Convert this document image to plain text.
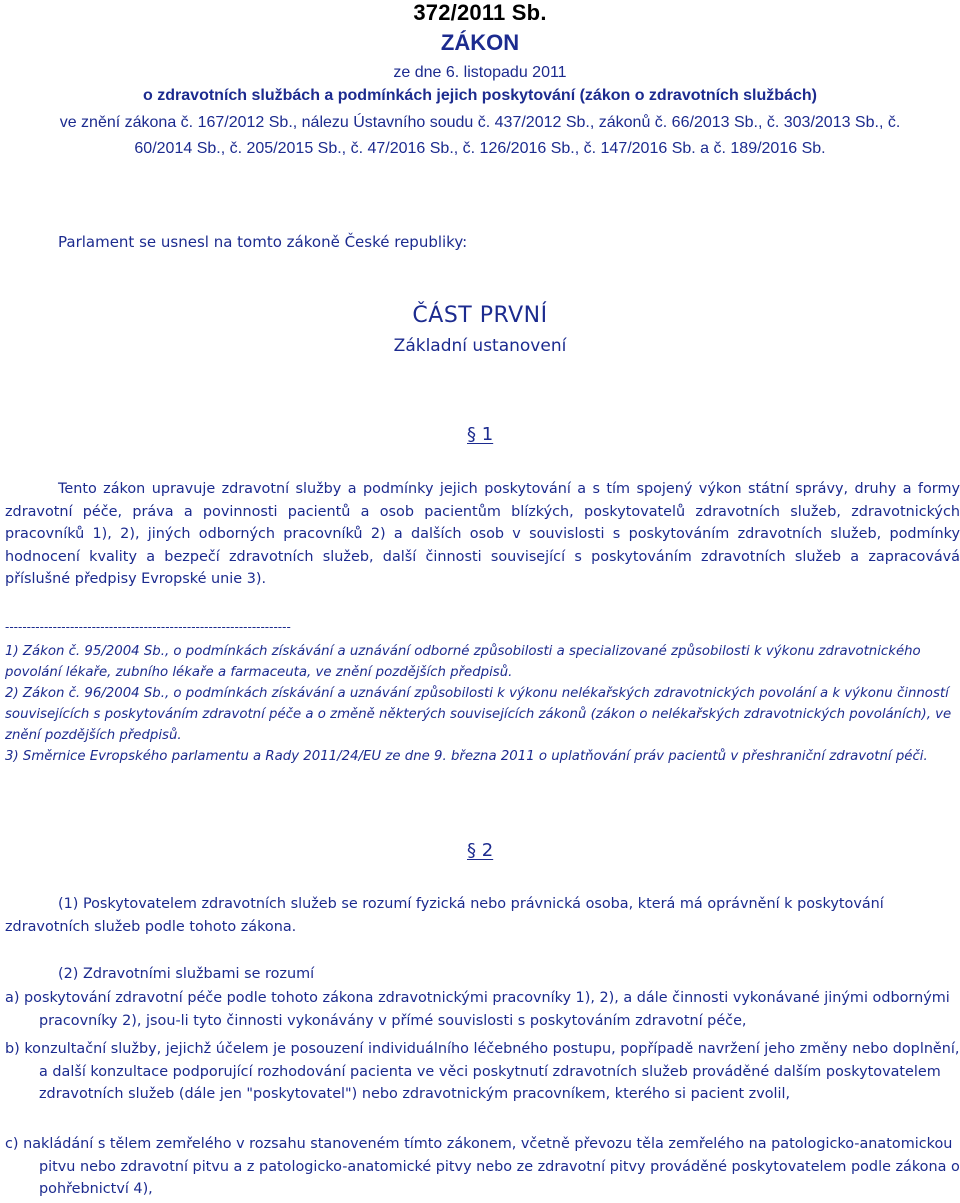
372/2011 Sb.
ZÁKON
ze dne 6. listopadu 2011
o zdravotních službách a podmínkách jejich poskytování (zákon o zdravotních službách)
ve znění zákona č. 167/2012 Sb., nálezu Ústavního soudu č. 437/2012 Sb., zákonů č. 66/2013 Sb., č. 303/2013 Sb., č.
60/2014 Sb., č. 205/2015 Sb., č. 47/2016 Sb., č. 126/2016 Sb., č. 147/2016 Sb. a č. 189/2016 Sb.
Parlament se usnesl na tomto zákoně České republiky:
ČÁST PRVNÍ
Základní ustanovení
§ 1

Tento zákon upravuje zdravotní služby a podmínky jejich poskytování a s tím spojený výkon státní správy, druhy a formy zdravotní péče, práva a povinnosti pacientů a osob pacientům blízkých, poskytovatelů zdravotních služeb, zdravotnických pracovníků 1), 2), jiných odborných pracovníků 2) a dalších osob v souvislosti s poskytováním zdravotních služeb, podmínky hodnocení kvality a bezpečí zdravotních služeb, další činnosti související s poskytováním zdravotních služeb a zapracovává příslušné předpisy Evropské unie 3).

------------------------------------------------------------------

1) Zákon č. 95/2004 Sb., o podmínkách získávání a uznávání odborné způsobilosti a specializované způsobilosti k výkonu zdravotnického povolání lékaře, zubního lékaře a farmaceuta, ve znění pozdějších předpisů.

2) Zákon č. 96/2004 Sb., o podmínkách získávání a uznávání způsobilosti k výkonu nelékařských zdravotnických povolání a k výkonu činností souvisejících s poskytováním zdravotní péče a o změně některých souvisejících zákonů (zákon o nelékařských zdravotnických povoláních), ve znění pozdějších předpisů.

3) Směrnice Evropského parlamentu a Rady 2011/24/EU ze dne 9. března 2011 o uplatňování práv pacientů v přeshraniční zdravotní péči.

§ 2

(1) Poskytovatelem zdravotních služeb se rozumí fyzická nebo právnická osoba, která má oprávnění k poskytování zdravotních služeb podle tohoto zákona.

(2) Zdravotními službami se rozumí

a) poskytování zdravotní péče podle tohoto zákona zdravotnickými pracovníky 1), 2), a dále činnosti vykonávané jinými odbornými pracovníky 2), jsou-li tyto činnosti vykonávány v přímé souvislosti s poskytováním zdravotní péče,

b) konzultační služby, jejichž účelem je posouzení individuálního léčebného postupu, popřípadě navržení jeho změny nebo doplnění, a další konzultace podporující rozhodování pacienta ve věci poskytnutí zdravotních služeb prováděné dalším poskytovatelem zdravotních služeb (dále jen "poskytovatel") nebo zdravotnickým pracovníkem, kterého si pacient zvolil,

c) nakládání s tělem zemřelého v rozsahu stanoveném tímto zákonem, včetně převozu těla zemřelého na patologicko-anatomickou pitvu nebo zdravotní pitvu a z patologicko-anatomické pitvy nebo ze zdravotní pitvy prováděné poskytovatelem podle zákona o pohřebnictví 4),
